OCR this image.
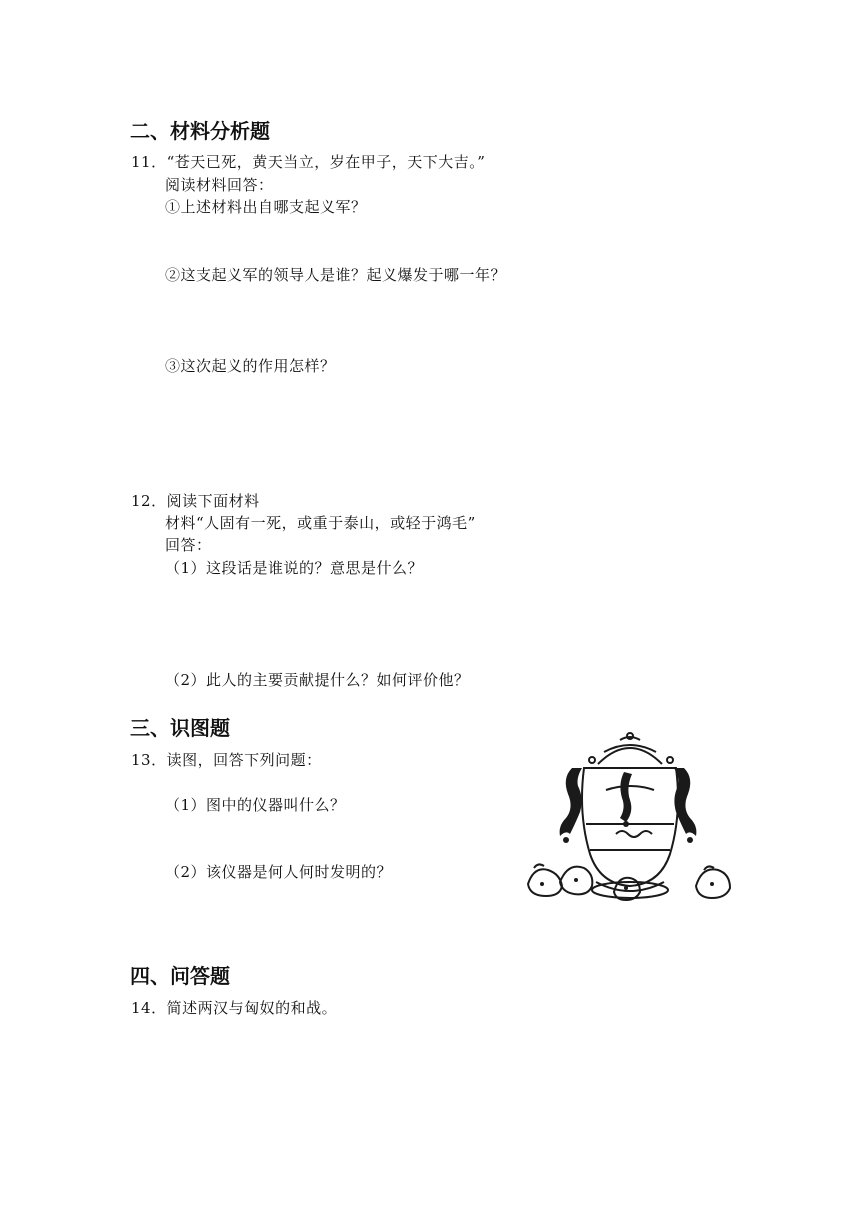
二、材料分析题
11．“苍天已死，黄天当立，岁在甲子，天下大吉。”
阅读材料回答：
①上述材料出自哪支起义军？
②这支起义军的领导人是谁？起义爆发于哪一年？
③这次起义的作用怎样？
12．阅读下面材料
材料“人固有一死，或重于泰山，或轻于鸿毛”
回答：
（1）这段话是谁说的？意思是什么？
（2）此人的主要贡献提什么？如何评价他？
三、识图题
13．读图，回答下列问题：
（1）图中的仪器叫什么？
（2）该仪器是何人何时发明的？
四、问答题
14．简述两汉与匈奴的和战。
